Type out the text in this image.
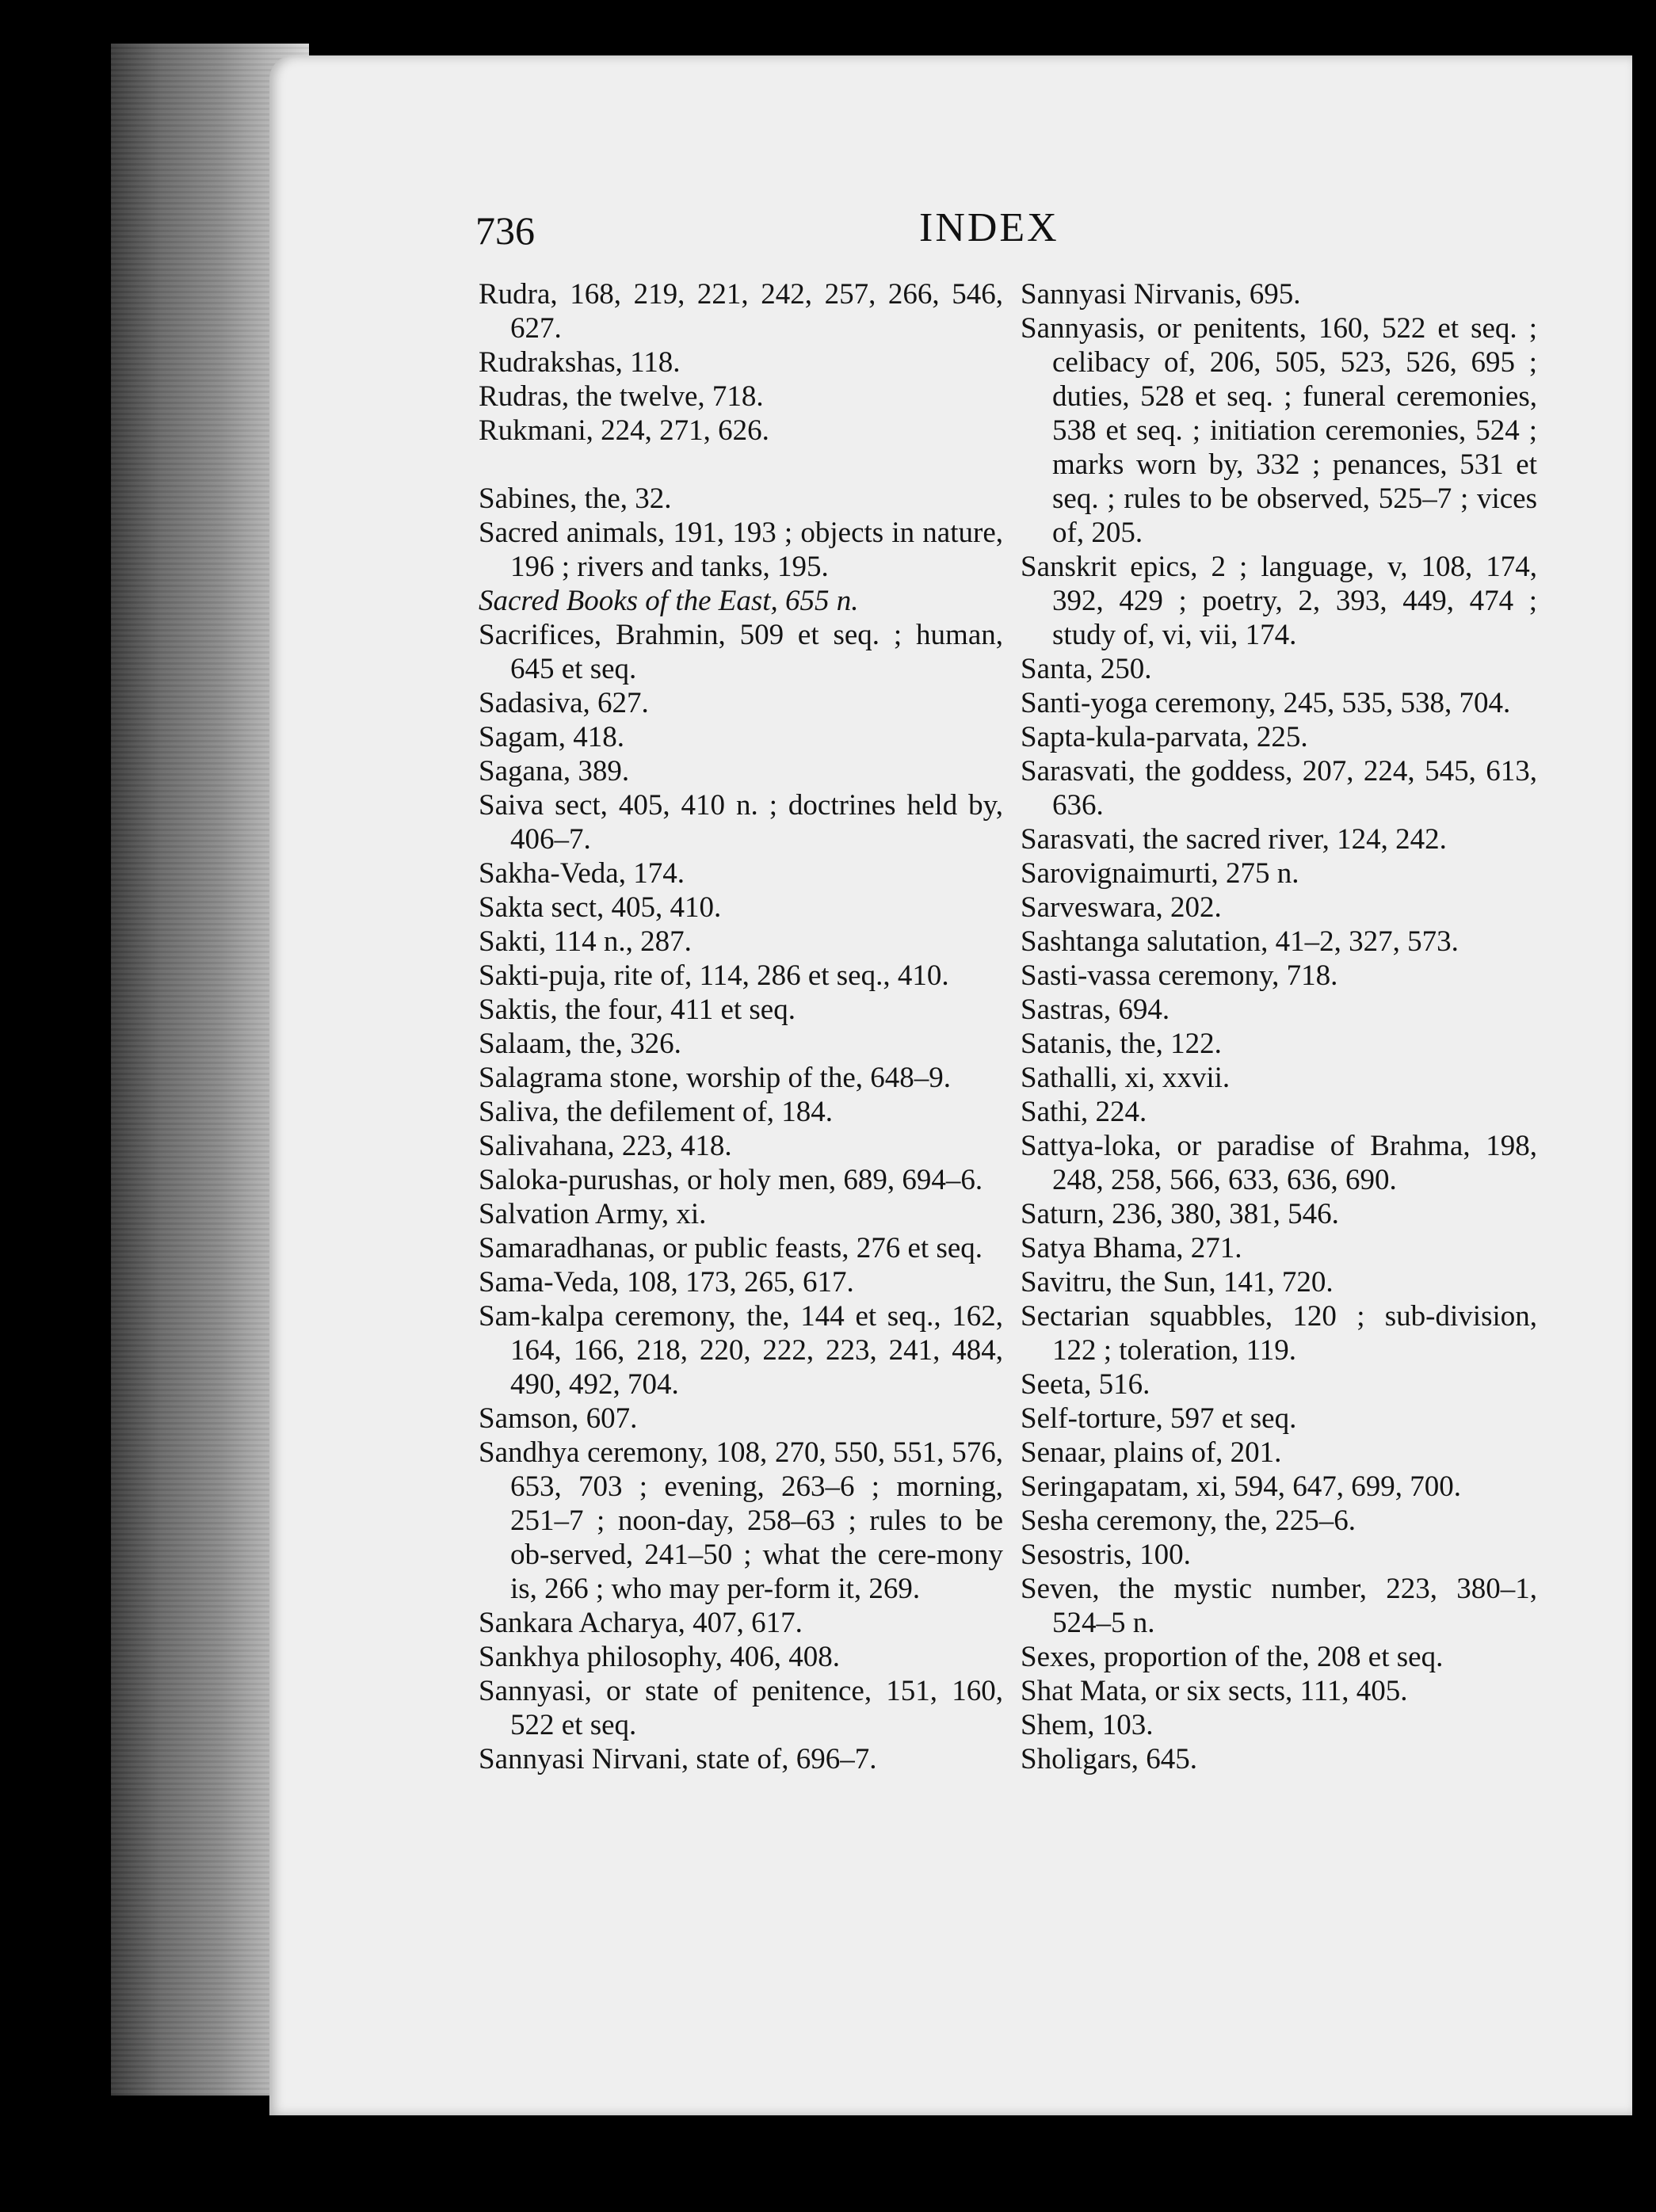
736	INDEX
Rudra, 168, 219, 221, 242, 257, 266, 546, 627.
Rudrakshas, 118.
Rudras, the twelve, 718.
Rukmani, 224, 271, 626.
Sabines, the, 32.
Sacred animals, 191, 193 ; objects in nature, 196 ; rivers and tanks, 195.
Sacred Books of the East, 655 n.
Sacrifices, Brahmin, 509 et seq. ; human, 645 et seq.
Sadasiva, 627.
Sagam, 418.
Sagana, 389.
Saiva sect, 405, 410 n. ; doctrines held by, 406–7.
Sakha-Veda, 174.
Sakta sect, 405, 410.
Sakti, 114 n., 287.
Sakti-puja, rite of, 114, 286 et seq., 410.
Saktis, the four, 411 et seq.
Salaam, the, 326.
Salagrama stone, worship of the, 648–9.
Saliva, the defilement of, 184.
Salivahana, 223, 418.
Saloka-purushas, or holy men, 689, 694–6.
Salvation Army, xi.
Samaradhanas, or public feasts, 276 et seq.
Sama-Veda, 108, 173, 265, 617.
Sam-kalpa ceremony, the, 144 et seq., 162, 164, 166, 218, 220, 222, 223, 241, 484, 490, 492, 704.
Samson, 607.
Sandhya ceremony, 108, 270, 550, 551, 576, 653, 703 ; evening, 263–6 ; morning, 251–7 ; noon-day, 258–63 ; rules to be ob-served, 241–50 ; what the cere-mony is, 266 ; who may per-form it, 269.
Sankara Acharya, 407, 617.
Sankhya philosophy, 406, 408.
Sannyasi, or state of penitence, 151, 160, 522 et seq.
Sannyasi Nirvani, state of, 696–7.
Sannyasi Nirvanis, 695.
Sannyasis, or penitents, 160, 522 et seq. ; celibacy of, 206, 505, 523, 526, 695 ; duties, 528 et seq. ; funeral ceremonies, 538 et seq. ; initiation ceremonies, 524 ; marks worn by, 332 ; penances, 531 et seq. ; rules to be observed, 525–7 ; vices of, 205.
Sanskrit epics, 2 ; language, v, 108, 174, 392, 429 ; poetry, 2, 393, 449, 474 ; study of, vi, vii, 174.
Santa, 250.
Santi-yoga ceremony, 245, 535, 538, 704.
Sapta-kula-parvata, 225.
Sarasvati, the goddess, 207, 224, 545, 613, 636.
Sarasvati, the sacred river, 124, 242.
Sarovignaimurti, 275 n.
Sarveswara, 202.
Sashtanga salutation, 41–2, 327, 573.
Sasti-vassa ceremony, 718.
Sastras, 694.
Satanis, the, 122.
Sathalli, xi, xxvii.
Sathi, 224.
Sattya-loka, or paradise of Brahma, 198, 248, 258, 566, 633, 636, 690.
Saturn, 236, 380, 381, 546.
Satya Bhama, 271.
Savitru, the Sun, 141, 720.
Sectarian squabbles, 120 ; sub-division, 122 ; toleration, 119.
Seeta, 516.
Self-torture, 597 et seq.
Senaar, plains of, 201.
Seringapatam, xi, 594, 647, 699, 700.
Sesha ceremony, the, 225–6.
Sesostris, 100.
Seven, the mystic number, 223, 380–1, 524–5 n.
Sexes, proportion of the, 208 et seq.
Shat Mata, or six sects, 111, 405.
Shem, 103.
Sholigars, 645.
